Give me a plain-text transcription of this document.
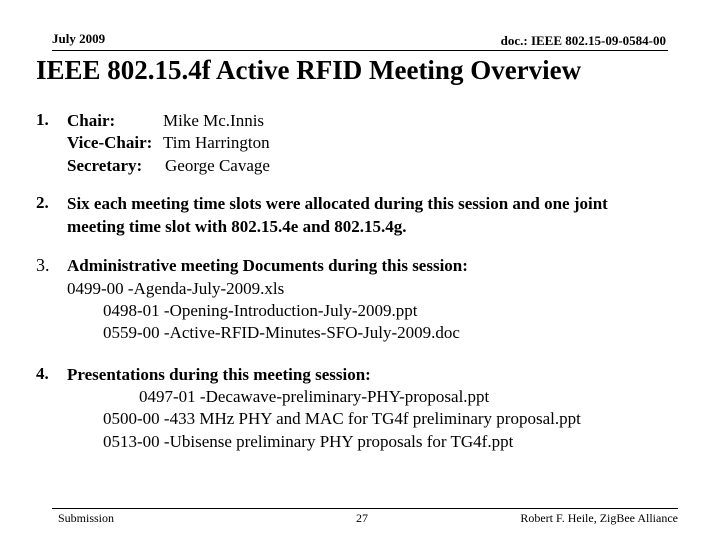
July 2009	doc.: IEEE 802.15-09-0584-00
IEEE 802.15.4f Active RFID Meeting Overview
1. Chair:	Mike Mc.Innis
Vice-Chair: Tim Harrington
Secretary: George Cavage
2. Six each meeting time slots were allocated during this session and one joint
meeting time slot with 802.15.4e and 802.15.4g.
3. Administrative meeting Documents during this session:
0499-00 -Agenda-July-2009.xls
0498-01 -Opening-Introduction-July-2009.ppt
0559-00 -Active-RFID-Minutes-SFO-July-2009.doc
4. Presentations during this meeting session:
0497-01 -Decawave-preliminary-PHY-proposal.ppt
0500-00 -433 MHz PHY and MAC for TG4f preliminary proposal.ppt
0513-00 -Ubisense preliminary PHY proposals for TG4f.ppt
Submission	27	Robert F. Heile, ZigBee Alliance
